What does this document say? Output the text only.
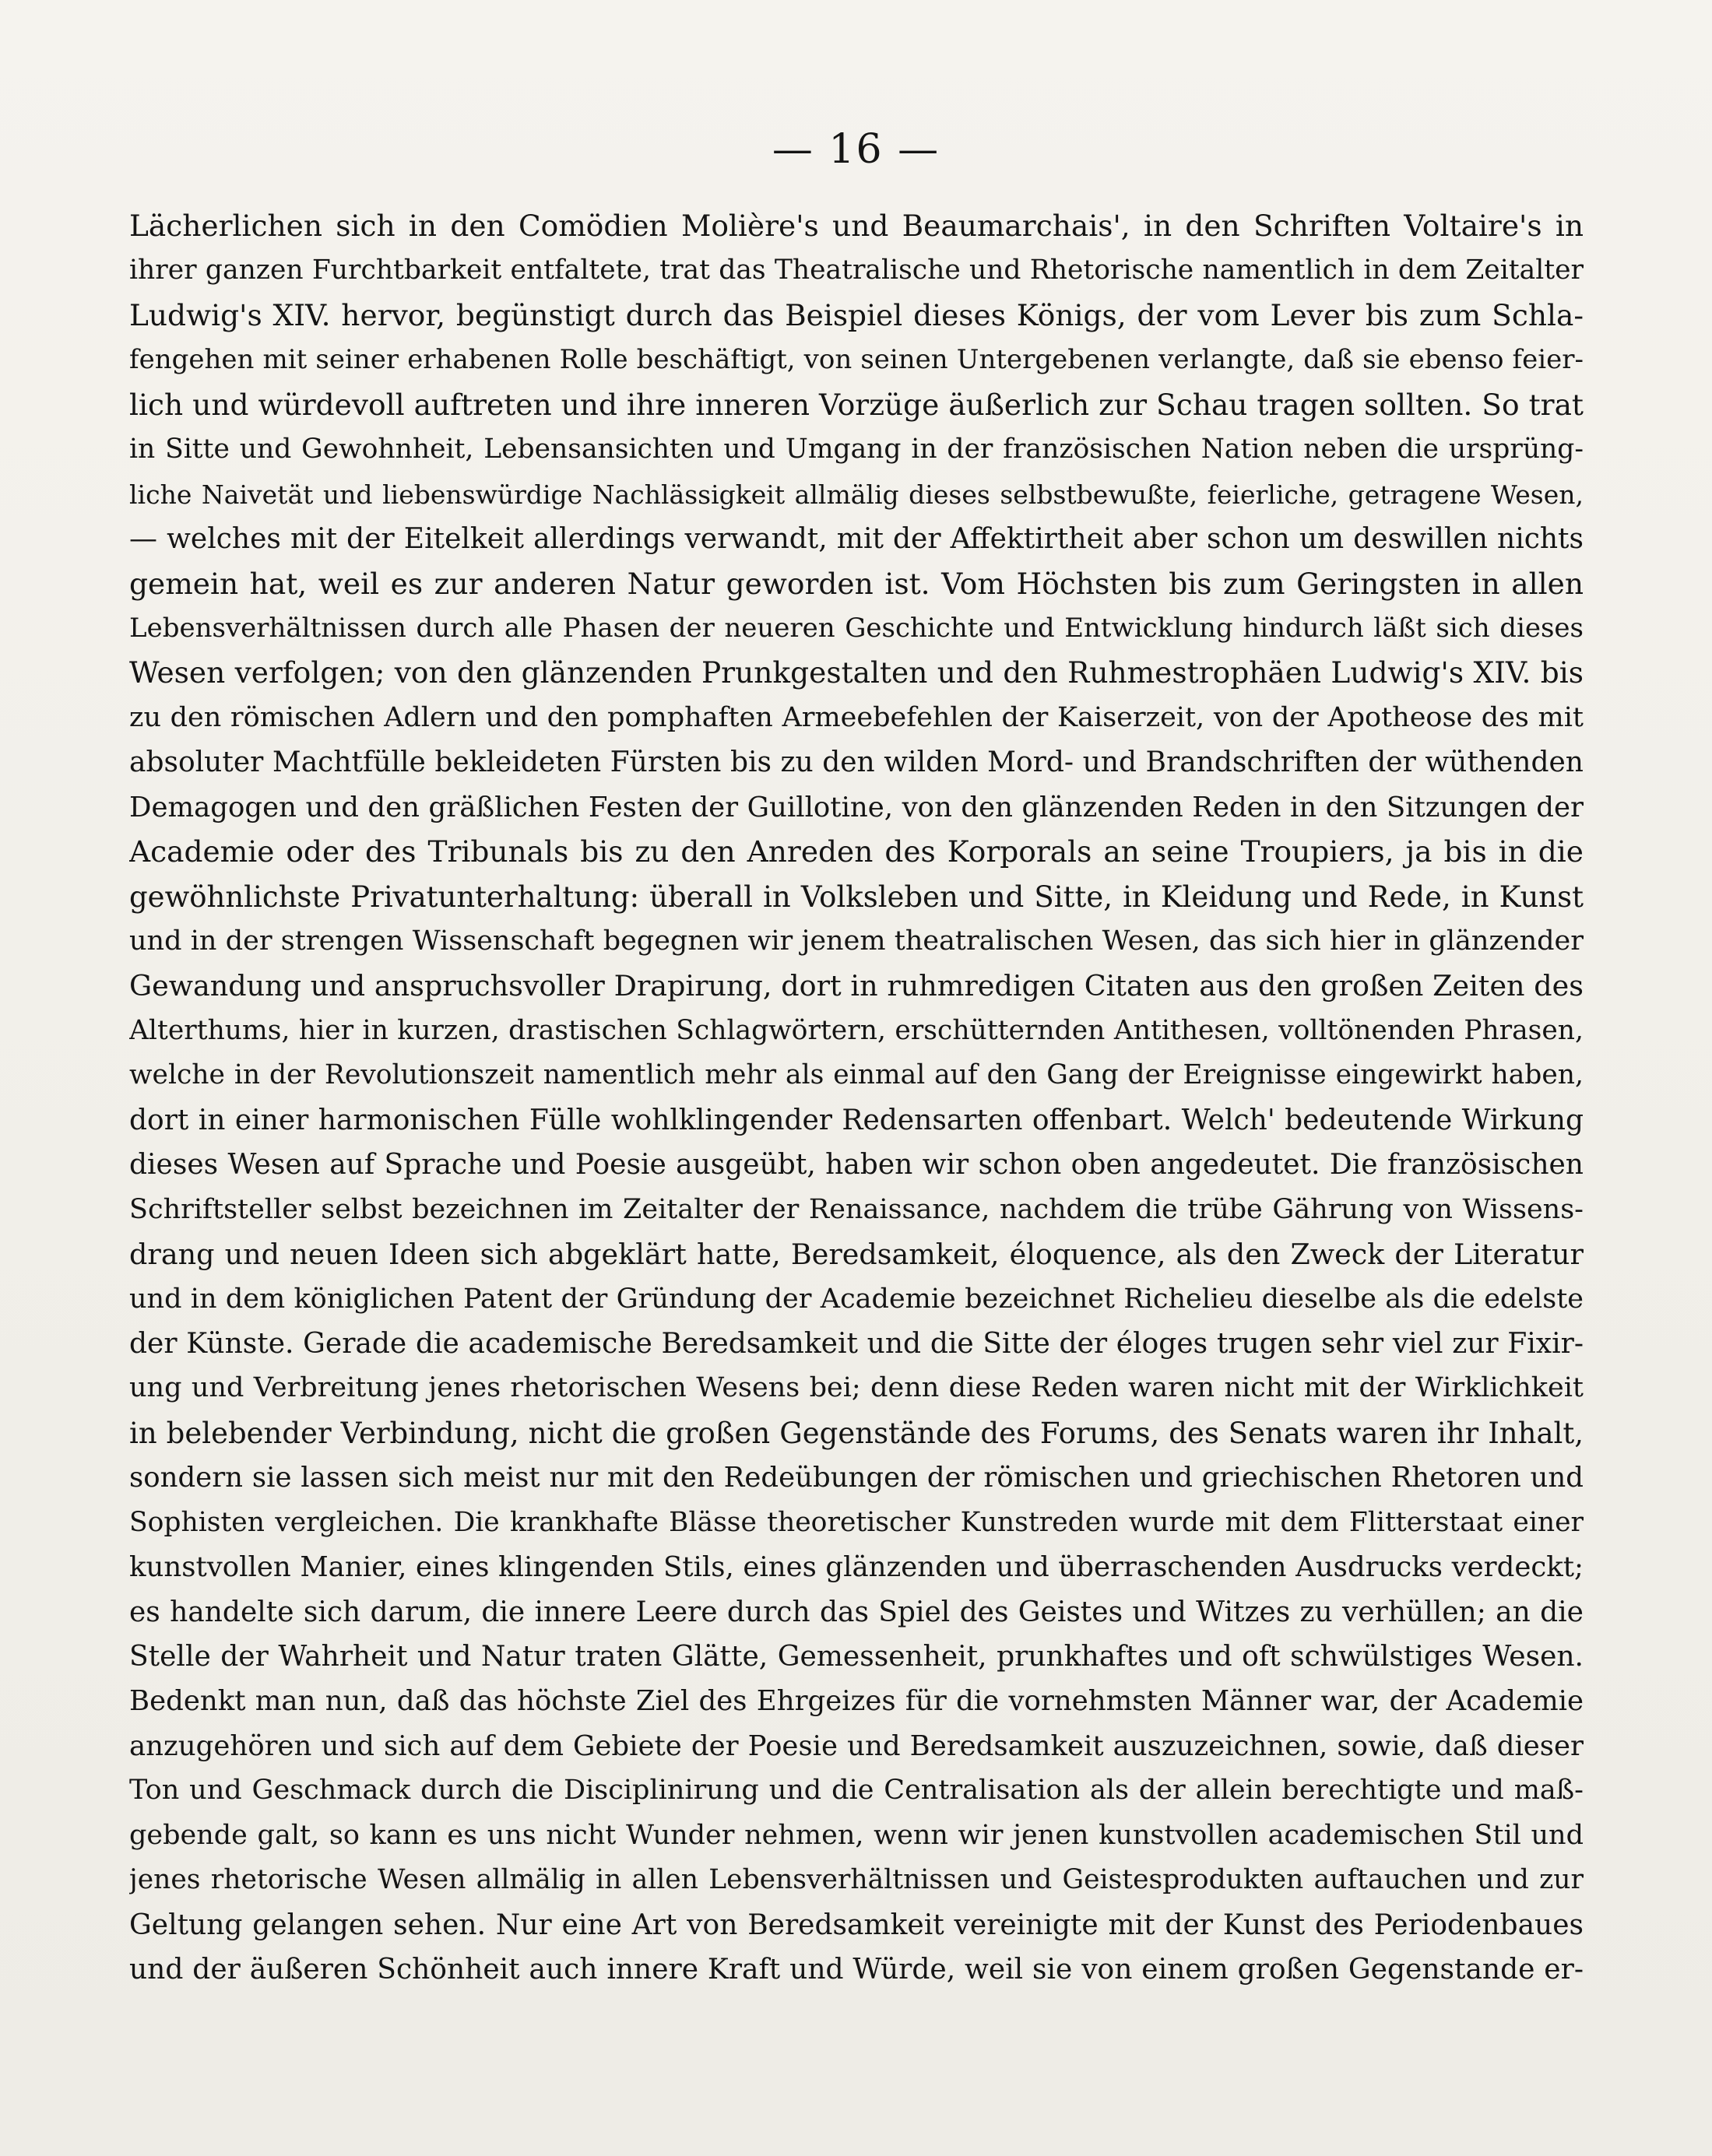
— 16 —
Lächerlichen sich in den Comödien Molière's und Beaumarchais', in den Schriften Voltaire's in
ihrer ganzen Furchtbarkeit entfaltete, trat das Theatralische und Rhetorische namentlich in dem Zeitalter
Ludwig's XIV. hervor, begünstigt durch das Beispiel dieses Königs, der vom Lever bis zum Schla-
fengehen mit seiner erhabenen Rolle beschäftigt, von seinen Untergebenen verlangte, daß sie ebenso feier-
lich und würdevoll auftreten und ihre inneren Vorzüge äußerlich zur Schau tragen sollten. So trat
in Sitte und Gewohnheit, Lebensansichten und Umgang in der französischen Nation neben die ursprüng-
liche Naivetät und liebenswürdige Nachlässigkeit allmälig dieses selbstbewußte, feierliche, getragene Wesen,
— welches mit der Eitelkeit allerdings verwandt, mit der Affektirtheit aber schon um deswillen nichts
gemein hat, weil es zur anderen Natur geworden ist. Vom Höchsten bis zum Geringsten in allen
Lebensverhältnissen durch alle Phasen der neueren Geschichte und Entwicklung hindurch läßt sich dieses
Wesen verfolgen; von den glänzenden Prunkgestalten und den Ruhmestrophäen Ludwig's XIV. bis
zu den römischen Adlern und den pomphaften Armeebefehlen der Kaiserzeit, von der Apotheose des mit
absoluter Machtfülle bekleideten Fürsten bis zu den wilden Mord- und Brandschriften der wüthenden
Demagogen und den gräßlichen Festen der Guillotine, von den glänzenden Reden in den Sitzungen der
Academie oder des Tribunals bis zu den Anreden des Korporals an seine Troupiers, ja bis in die
gewöhnlichste Privatunterhaltung: überall in Volksleben und Sitte, in Kleidung und Rede, in Kunst
und in der strengen Wissenschaft begegnen wir jenem theatralischen Wesen, das sich hier in glänzender
Gewandung und anspruchsvoller Drapirung, dort in ruhmredigen Citaten aus den großen Zeiten des
Alterthums, hier in kurzen, drastischen Schlagwörtern, erschütternden Antithesen, volltönenden Phrasen,
welche in der Revolutionszeit namentlich mehr als einmal auf den Gang der Ereignisse eingewirkt haben,
dort in einer harmonischen Fülle wohlklingender Redensarten offenbart. Welch' bedeutende Wirkung
dieses Wesen auf Sprache und Poesie ausgeübt, haben wir schon oben angedeutet. Die französischen
Schriftsteller selbst bezeichnen im Zeitalter der Renaissance, nachdem die trübe Gährung von Wissens-
drang und neuen Ideen sich abgeklärt hatte, Beredsamkeit, éloquence, als den Zweck der Literatur
und in dem königlichen Patent der Gründung der Academie bezeichnet Richelieu dieselbe als die edelste
der Künste. Gerade die academische Beredsamkeit und die Sitte der éloges trugen sehr viel zur Fixir-
ung und Verbreitung jenes rhetorischen Wesens bei; denn diese Reden waren nicht mit der Wirklichkeit
in belebender Verbindung, nicht die großen Gegenstände des Forums, des Senats waren ihr Inhalt,
sondern sie lassen sich meist nur mit den Redeübungen der römischen und griechischen Rhetoren und
Sophisten vergleichen. Die krankhafte Blässe theoretischer Kunstreden wurde mit dem Flitterstaat einer
kunstvollen Manier, eines klingenden Stils, eines glänzenden und überraschenden Ausdrucks verdeckt;
es handelte sich darum, die innere Leere durch das Spiel des Geistes und Witzes zu verhüllen; an die
Stelle der Wahrheit und Natur traten Glätte, Gemessenheit, prunkhaftes und oft schwülstiges Wesen.
Bedenkt man nun, daß das höchste Ziel des Ehrgeizes für die vornehmsten Männer war, der Academie
anzugehören und sich auf dem Gebiete der Poesie und Beredsamkeit auszuzeichnen, sowie, daß dieser
Ton und Geschmack durch die Disciplinirung und die Centralisation als der allein berechtigte und maß-
gebende galt, so kann es uns nicht Wunder nehmen, wenn wir jenen kunstvollen academischen Stil und
jenes rhetorische Wesen allmälig in allen Lebensverhältnissen und Geistesprodukten auftauchen und zur
Geltung gelangen sehen. Nur eine Art von Beredsamkeit vereinigte mit der Kunst des Periodenbaues
und der äußeren Schönheit auch innere Kraft und Würde, weil sie von einem großen Gegenstande er-
